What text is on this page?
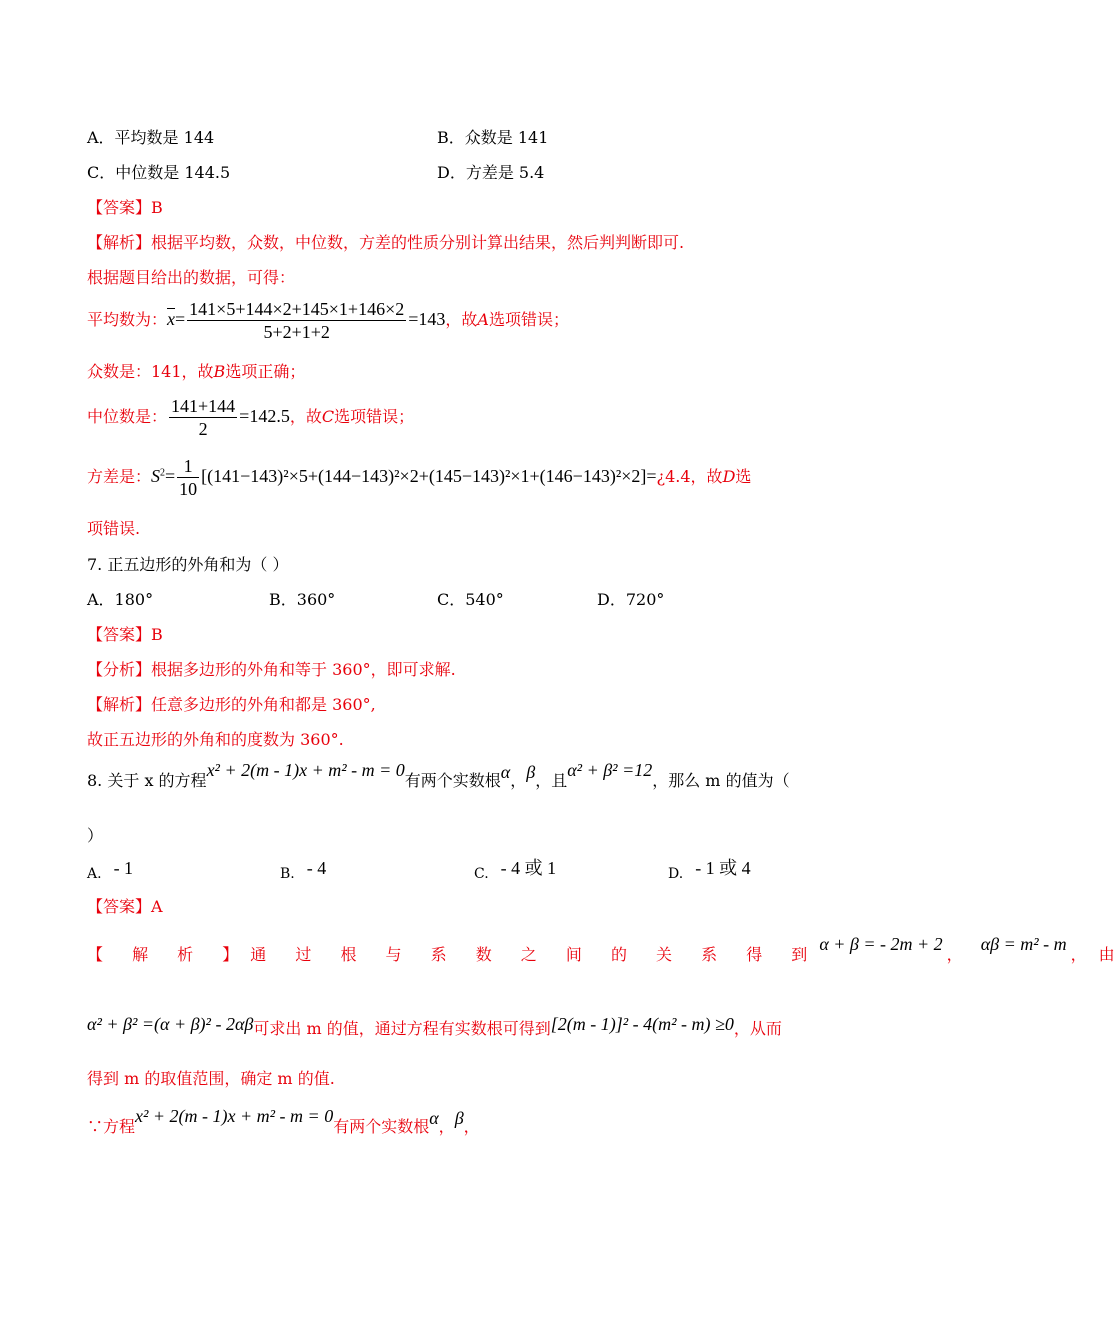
A．平均数是 144	B．众数是 141
C．中位数是 144.5	D．方差是 5.4
【答案】B
【解析】根据平均数，众数，中位数，方差的性质分别计算出结果，然后判判断即可.
根据题目给出的数据，可得：
平均数为：$\overline{x}= \frac{141\times 5+144\times 2+145\times 1+146\times 2}{5+2+1+2} =143$，故A选项错误；
众数是：141，故B选项正确；
中位数是： $\frac{141+144}{2} =142.5$，故C选项错误；
方差是：$S^2= \frac{1}{10}$ [(141−143)²×5+(144−143)²×2+(145−143)²×1+(146−143)²×2]=¿4.4，故D选
项错误.
7. 正五边形的外角和为（ ）
A．180°	B．360°	C．540°	D．720°
【答案】B
【分析】根据多边形的外角和等于 360°，即可求解.
【解析】任意多边形的外角和都是 360°,
故正五边形的外角和的度数为 360°.
8. 关于 x 的方程x² + 2(m - 1)x + m² - m = 0有两个实数根α，β，且α² + β² =12，那么 m 的值为（
）
A. - 1	B. - 4	C. - 4 或 1	D. - 1 或 4
【答案】A
【 解 析 】通 过 根 与 系 数 之 间 的 关 系 得 到α + β = - 2m + 2，αβ = m² - m， 由
α² + β² =(α + β)² - 2αβ可求出 m 的值，通过方程有实数根可得到[2(m - 1)]² - 4(m² - m) ≥0，从而
得到 m 的取值范围，确定 m 的值.
∵方程x² + 2(m - 1)x + m² - m = 0有两个实数根α，β，
